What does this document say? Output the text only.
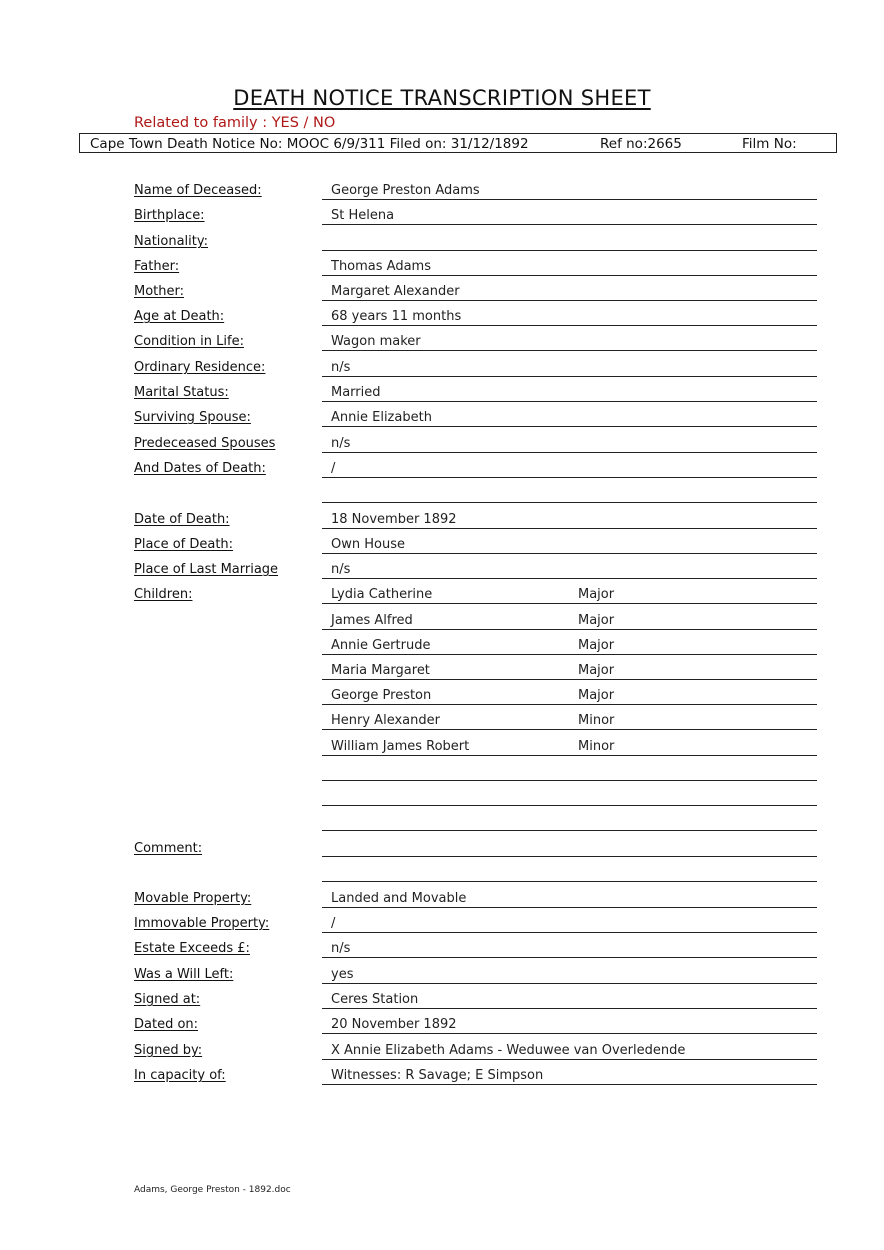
DEATH NOTICE TRANSCRIPTION SHEET
Related to family : YES / NO
Cape Town Death Notice No: MOOC 6/9/311 Filed on: 31/12/1892	Ref no:2665	Film No:
Name of Deceased:	George Preston Adams
Birthplace:	St Helena
Nationality:
Father:	Thomas Adams
Mother:	Margaret Alexander
Age at Death:	68 years 11 months
Condition in Life:	Wagon maker
Ordinary Residence:	n/s
Marital Status:	Married
Surviving Spouse:	Annie Elizabeth
Predeceased Spouses	n/s
And Dates of Death:	/
Date of Death:	18 November 1892
Place of Death:	Own House
Place of Last Marriage	n/s
Children:	Lydia Catherine	Major
James Alfred	Major
Annie Gertrude	Major
Maria Margaret	Major
George Preston	Major
Henry Alexander	Minor
William James Robert	Minor
Comment:
Movable Property:	Landed and Movable
Immovable Property:	/
Estate Exceeds £:	n/s
Was a Will Left:	yes
Signed at:	Ceres Station
Dated on:	20 November 1892
Signed by:	X Annie Elizabeth Adams - Weduwee van Overledende
In capacity of:	Witnesses: R Savage; E Simpson
Adams, George Preston - 1892.doc
